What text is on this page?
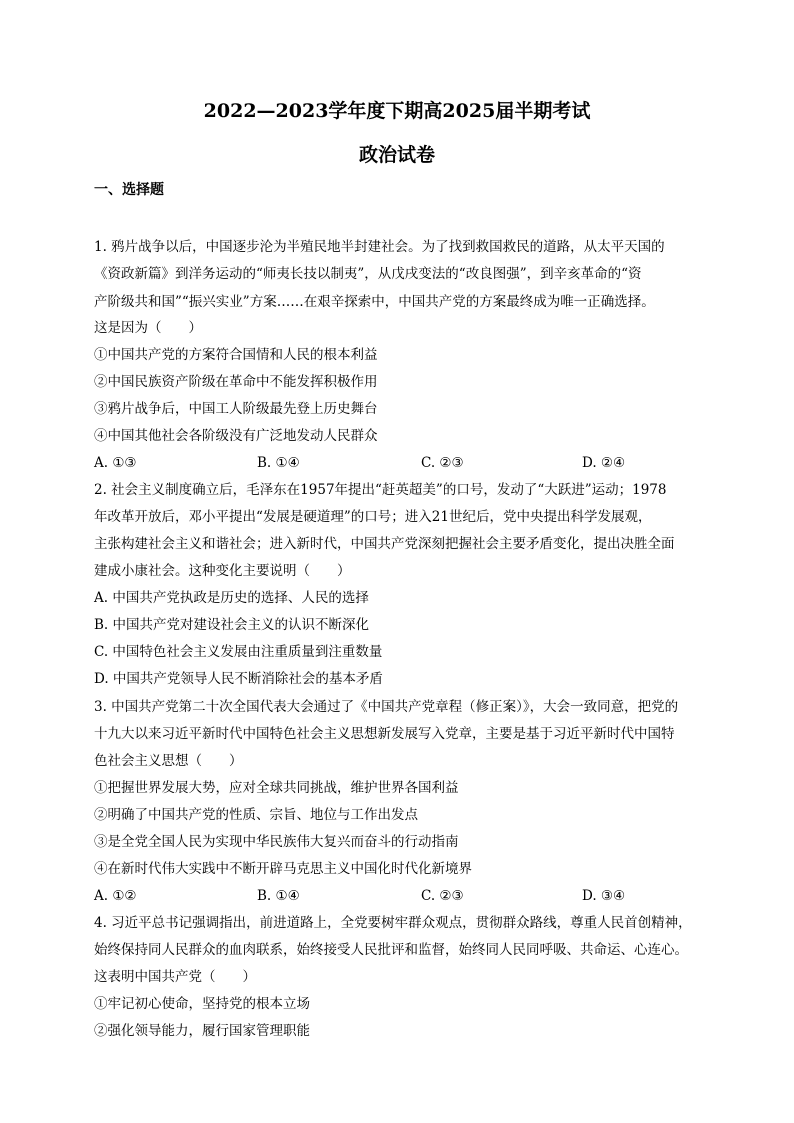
2022—2023学年度下期高2025届半期考试
政治试卷
一、选择题
1. 鸦片战争以后，中国逐步沦为半殖民地半封建社会。为了找到救国救民的道路，从太平天国的
《资政新篇》到洋务运动的“师夷长技以制夷”，从戊戌变法的“改良图强”，到辛亥革命的“资
产阶级共和国”“振兴实业”方案……在艰辛探索中，中国共产党的方案最终成为唯一正确选择。
这是因为（　　）
①中国共产党的方案符合国情和人民的根本利益
②中国民族资产阶级在革命中不能发挥积极作用
③鸦片战争后，中国工人阶级最先登上历史舞台
④中国其他社会各阶级没有广泛地发动人民群众
A. ①③	B. ①④	C. ②③	D. ②④
2. 社会主义制度确立后，毛泽东在1957年提出“赶英超美”的口号，发动了“大跃进”运动；1978
年改革开放后，邓小平提出“发展是硬道理”的口号；进入21世纪后，党中央提出科学发展观，
主张构建社会主义和谐社会；进入新时代，中国共产党深刻把握社会主要矛盾变化，提出决胜全面
建成小康社会。这种变化主要说明（　　）
A. 中国共产党执政是历史的选择、人民的选择
B. 中国共产党对建设社会主义的认识不断深化
C. 中国特色社会主义发展由注重质量到注重数量
D. 中国共产党领导人民不断消除社会的基本矛盾
3. 中国共产党第二十次全国代表大会通过了《中国共产党章程（修正案）》，大会一致同意，把党的
十九大以来习近平新时代中国特色社会主义思想新发展写入党章，主要是基于习近平新时代中国特
色社会主义思想（　　）
①把握世界发展大势，应对全球共同挑战，维护世界各国利益
②明确了中国共产党的性质、宗旨、地位与工作出发点
③是全党全国人民为实现中华民族伟大复兴而奋斗的行动指南
④在新时代伟大实践中不断开辟马克思主义中国化时代化新境界
A. ①②	B. ①④	C. ②③	D. ③④
4. 习近平总书记强调指出，前进道路上，全党要树牢群众观点，贯彻群众路线，尊重人民首创精神，
始终保持同人民群众的血肉联系，始终接受人民批评和监督，始终同人民同呼吸、共命运、心连心。
这表明中国共产党（　　）
①牢记初心使命，坚持党的根本立场
②强化领导能力，履行国家管理职能
